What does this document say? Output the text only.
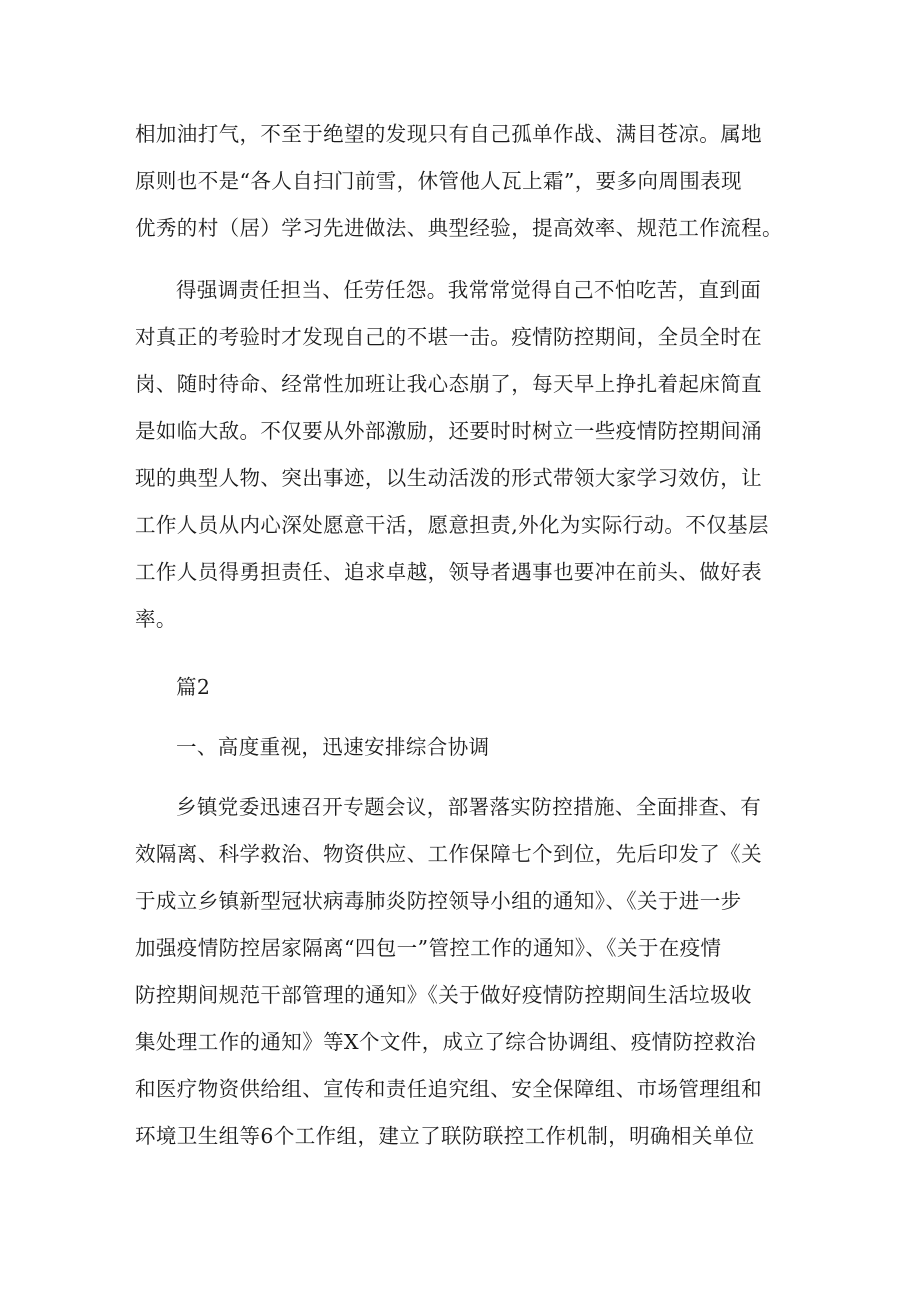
相加油打气，不至于绝望的发现只有自己孤单作战、满目苍凉。属地
原则也不是“各人自扫门前雪，休管他人瓦上霜”，要多向周围表现
优秀的村（居）学习先进做法、典型经验，提高效率、规范工作流程。
得强调责任担当、任劳任怨。我常常觉得自己不怕吃苦，直到面
对真正的考验时才发现自己的不堪一击。疫情防控期间，全员全时在
岗、随时待命、经常性加班让我心态崩了，每天早上挣扎着起床简直
是如临大敌。不仅要从外部激励，还要时时树立一些疫情防控期间涌
现的典型人物、突出事迹，以生动活泼的形式带领大家学习效仿，让
工作人员从内心深处愿意干活，愿意担责,外化为实际行动。不仅基层
工作人员得勇担责任、追求卓越，领导者遇事也要冲在前头、做好表
率。
篇2
一、高度重视，迅速安排综合协调
乡镇党委迅速召开专题会议，部署落实防控措施、全面排查、有
效隔离、科学救治、物资供应、工作保障七个到位，先后印发了《关
于成立乡镇新型冠状病毒肺炎防控领导小组的通知》、《关于进一步
加强疫情防控居家隔离“四包一”管控工作的通知》、《关于在疫情
防控期间规范干部管理的通知》《关于做好疫情防控期间生活垃圾收
集处理工作的通知》等X个文件，成立了综合协调组、疫情防控救治
和医疗物资供给组、宣传和责任追究组、安全保障组、市场管理组和
环境卫生组等6个工作组，建立了联防联控工作机制，明确相关单位
